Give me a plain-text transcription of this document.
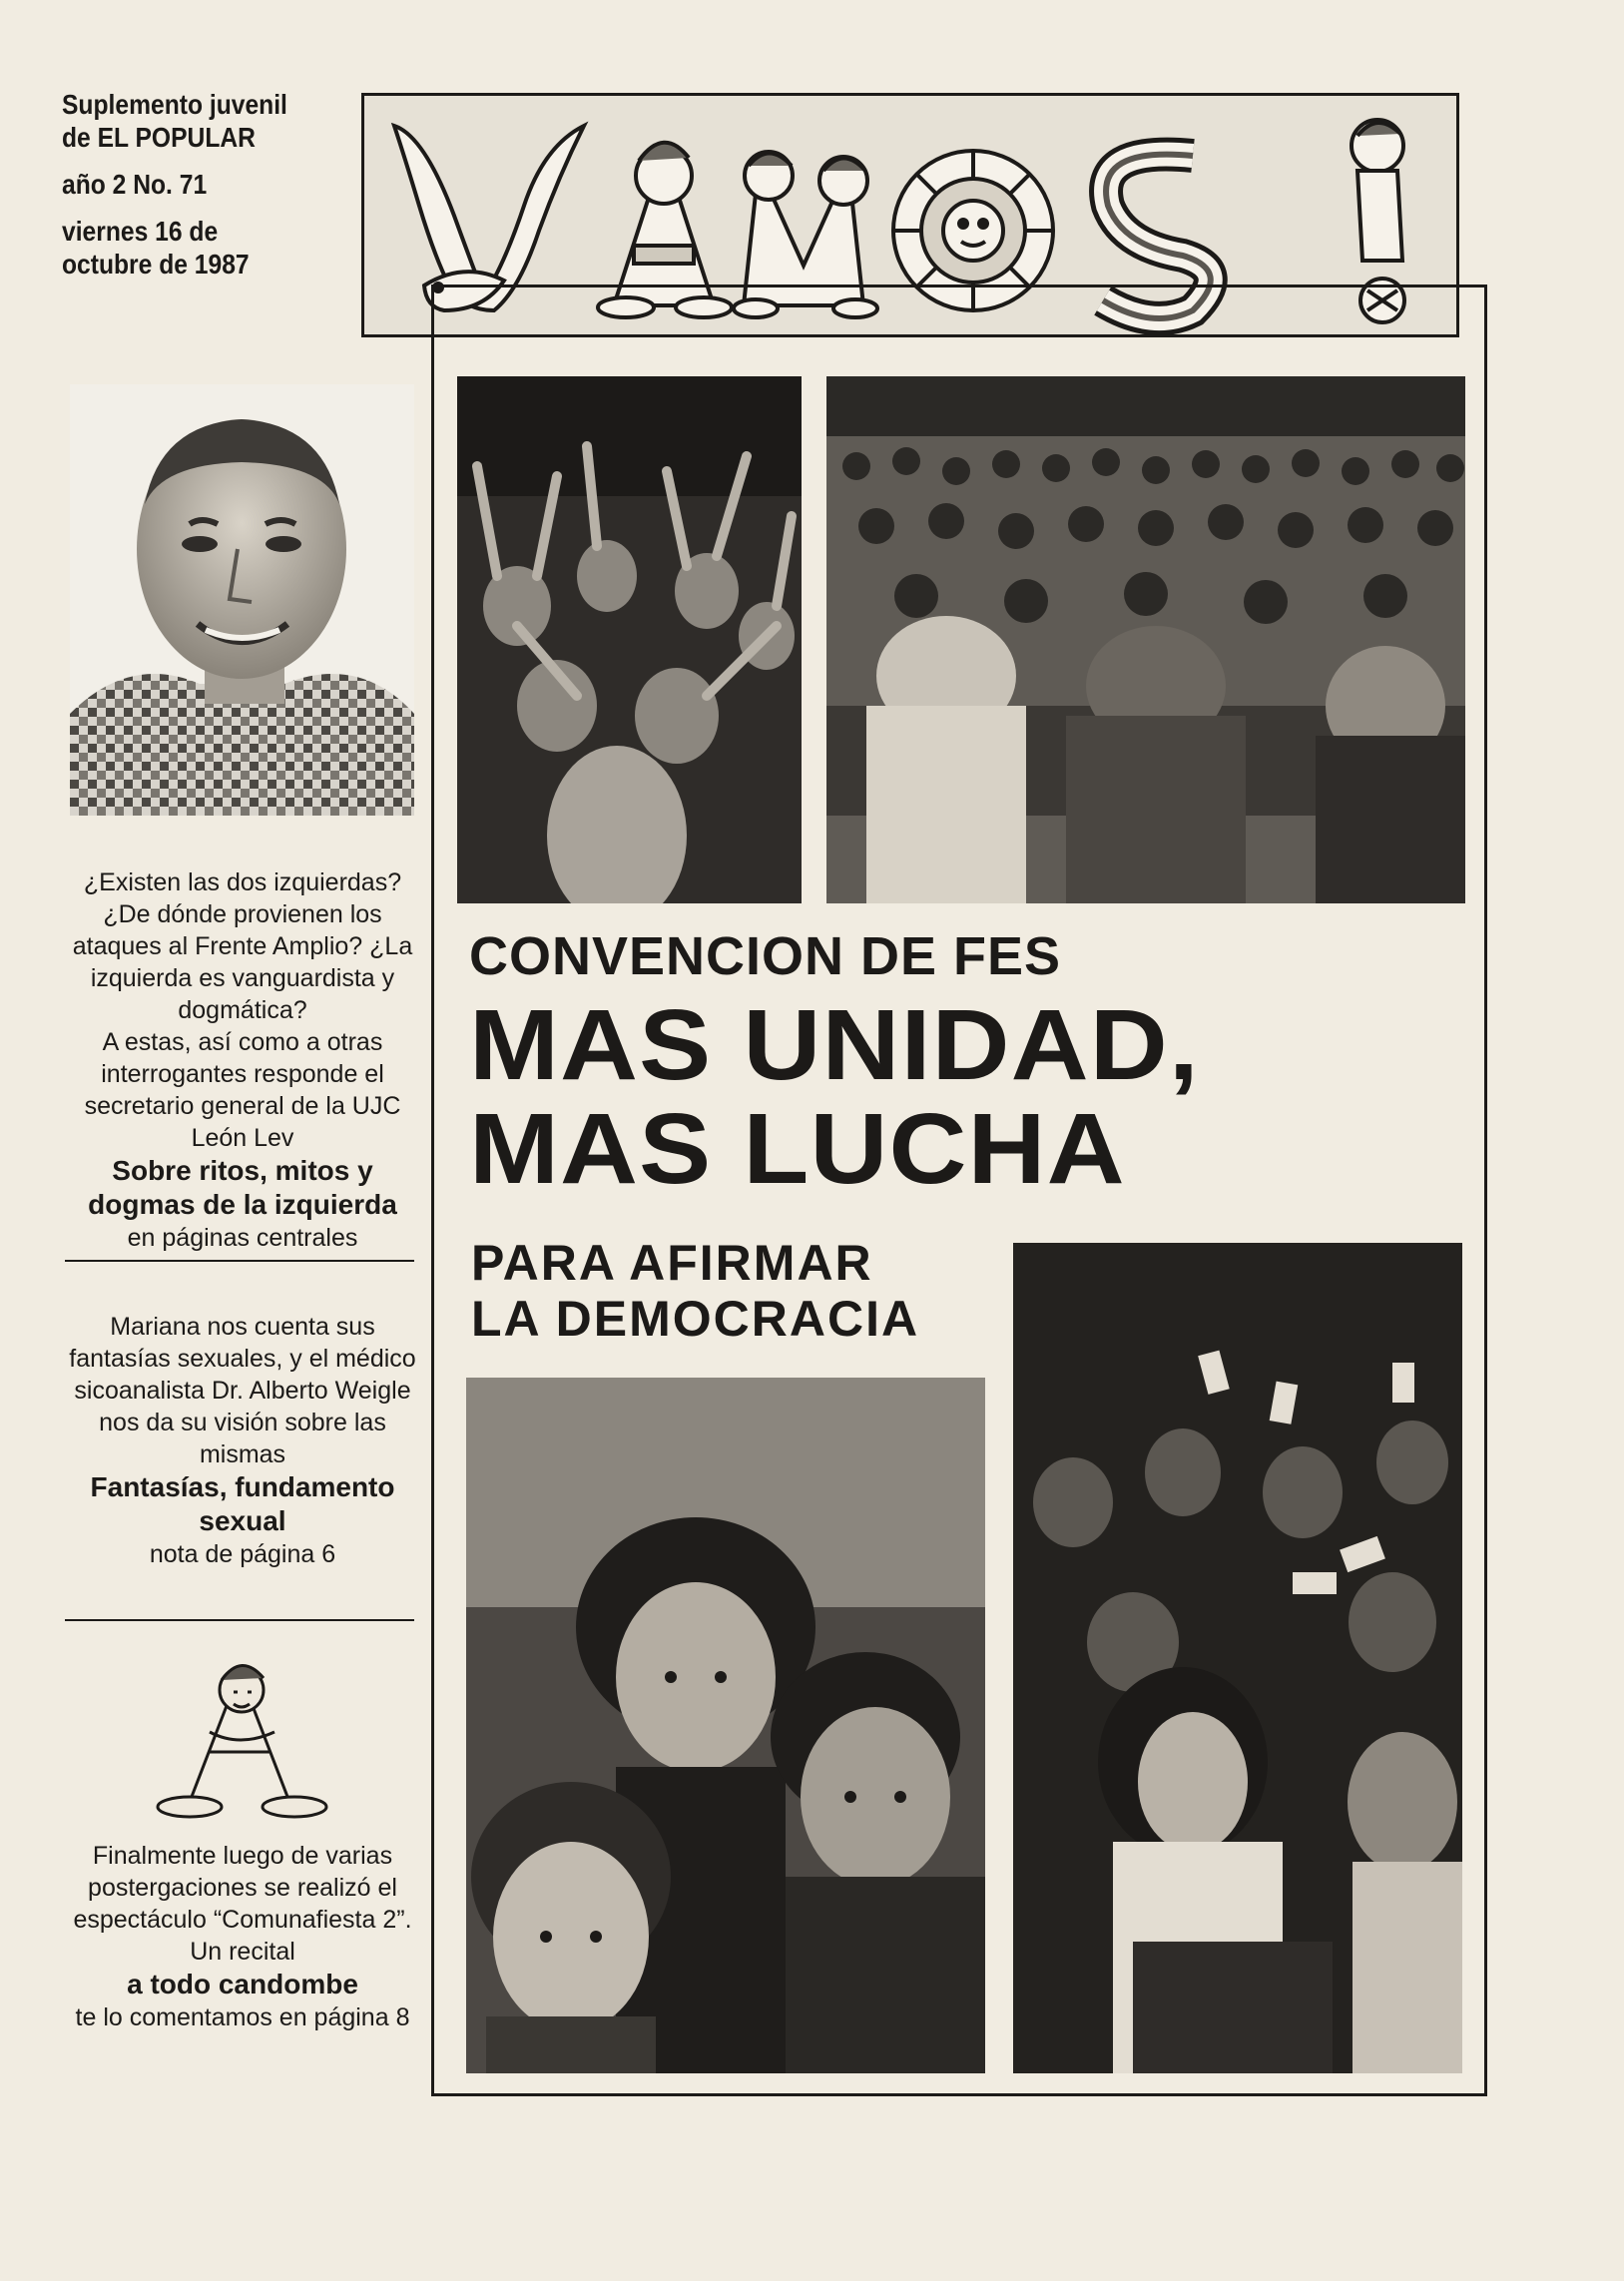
Suplemento juvenil
de EL POPULAR
año 2 No. 71
viernes 16 de
octubre de 1987
¿Existen las dos izquierdas?
¿De dónde provienen los
ataques al Frente Amplio? ¿La
izquierda es vanguardista y
dogmática?
A estas, así como a otras
interrogantes responde el
secretario general de la UJC
León Lev
Sobre ritos, mitos y
dogmas de la izquierda
en páginas centrales
Mariana nos cuenta sus
fantasías sexuales, y el médico
sicoanalista Dr. Alberto Weigle
nos da su visión sobre las
mismas
Fantasías, fundamento
sexual
nota de página 6
Finalmente luego de varias
postergaciones se realizó el
espectáculo “Comunafiesta 2”.
Un recital
a todo candombe
te lo comentamos en página 8
CONVENCION DE FES
MAS UNIDAD,
MAS LUCHA
PARA AFIRMAR
LA DEMOCRACIA
